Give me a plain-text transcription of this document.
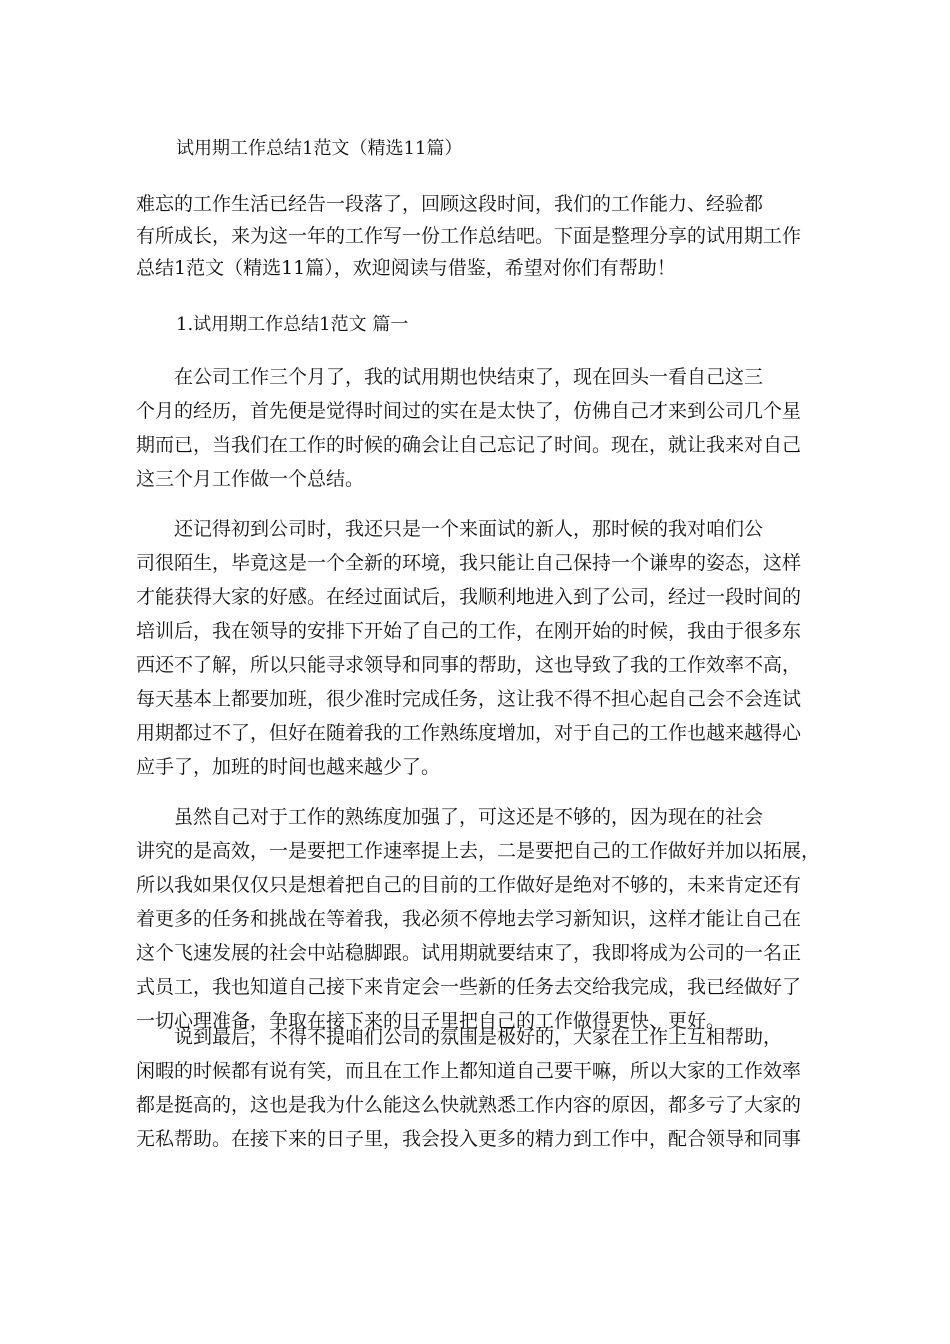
试用期工作总结1范文（精选11篇）
难忘的工作生活已经告一段落了，回顾这段时间，我们的工作能力、经验都
有所成长，来为这一年的工作写一份工作总结吧。下面是整理分享的试用期工作
总结1范文（精选11篇），欢迎阅读与借鉴，希望对你们有帮助！
1.试用期工作总结1范文 篇一
　　在公司工作三个月了，我的试用期也快结束了，现在回头一看自己这三
个月的经历，首先便是觉得时间过的实在是太快了，仿佛自己才来到公司几个星
期而已，当我们在工作的时候的确会让自己忘记了时间。现在，就让我来对自己
这三个月工作做一个总结。
　　还记得初到公司时，我还只是一个来面试的新人，那时候的我对咱们公
司很陌生，毕竟这是一个全新的环境，我只能让自己保持一个谦卑的姿态，这样
才能获得大家的好感。在经过面试后，我顺利地进入到了公司，经过一段时间的
培训后，我在领导的安排下开始了自己的工作，在刚开始的时候，我由于很多东
西还不了解，所以只能寻求领导和同事的帮助，这也导致了我的工作效率不高，
每天基本上都要加班，很少准时完成任务，这让我不得不担心起自己会不会连试
用期都过不了，但好在随着我的工作熟练度增加，对于自己的工作也越来越得心
应手了，加班的时间也越来越少了。
　　虽然自己对于工作的熟练度加强了，可这还是不够的，因为现在的社会
讲究的是高效，一是要把工作速率提上去，二是要把自己的工作做好并加以拓展，
所以我如果仅仅只是想着把自己的目前的工作做好是绝对不够的，未来肯定还有
着更多的任务和挑战在等着我，我必须不停地去学习新知识，这样才能让自己在
这个飞速发展的社会中站稳脚跟。试用期就要结束了，我即将成为公司的一名正
式员工，我也知道自己接下来肯定会一些新的任务去交给我完成，我已经做好了
一切心理准备，争取在接下来的日子里把自己的工作做得更快、更好。
　　说到最后，不得不提咱们公司的氛围是极好的，大家在工作上互相帮助，
闲暇的时候都有说有笑，而且在工作上都知道自己要干嘛，所以大家的工作效率
都是挺高的，这也是我为什么能这么快就熟悉工作内容的原因，都多亏了大家的
无私帮助。在接下来的日子里，我会投入更多的精力到工作中，配合领导和同事
